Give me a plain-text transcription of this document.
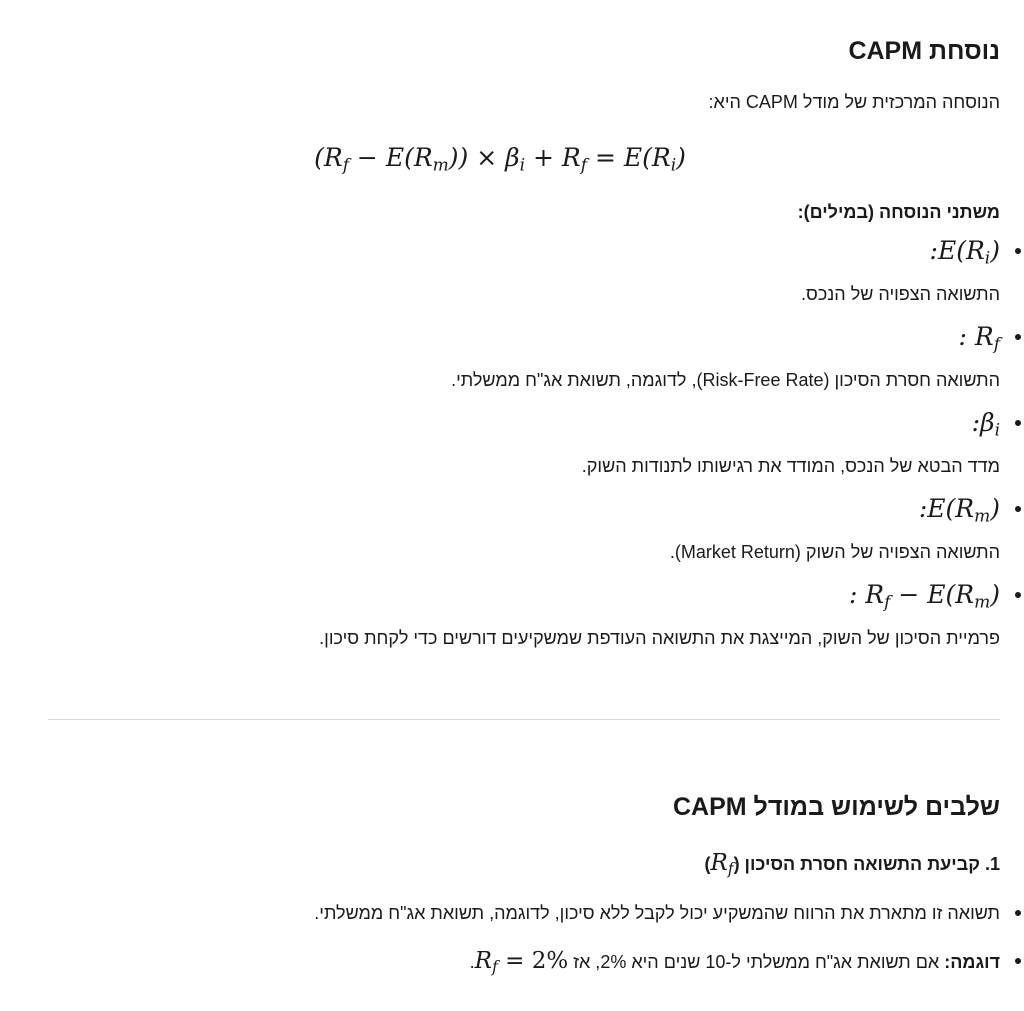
נוסחת CAPM
הנוסחה המרכזית של מודל CAPM היא:
$(R_f - E(R_m)) \times \beta_i + R_f = E(R_i)$
משתני הנוסחה (במילים):
$:E(R_i)$
התשואה הצפויה של הנכס.
: $R_f$
התשואה חסרת הסיכון (Risk-Free Rate), לדוגמה, תשואת אג"ח ממשלתי.
$:\beta_i$
מדד הבטא של הנכס, המודד את רגישותו לתנודות השוק.
$:E(R_m)$
התשואה הצפויה של השוק (Market Return).
: $R_f - E(R_m)$
פרמיית הסיכון של השוק, המייצגת את התשואה העודפת שמשקיעים דורשים כדי לקחת סיכון.
שלבים לשימוש במודל CAPM
1. קביעת התשואה חסרת הסיכון $(R_f)$
תשואה זו מתארת את הרווח שהמשקיע יכול לקבל ללא סיכון, לדוגמה, תשואת אג"ח ממשלתי.
דוגמה: אם תשואת אג"ח ממשלתי ל-10 שנים היא 2%, אז $R_f = 2\%$.
